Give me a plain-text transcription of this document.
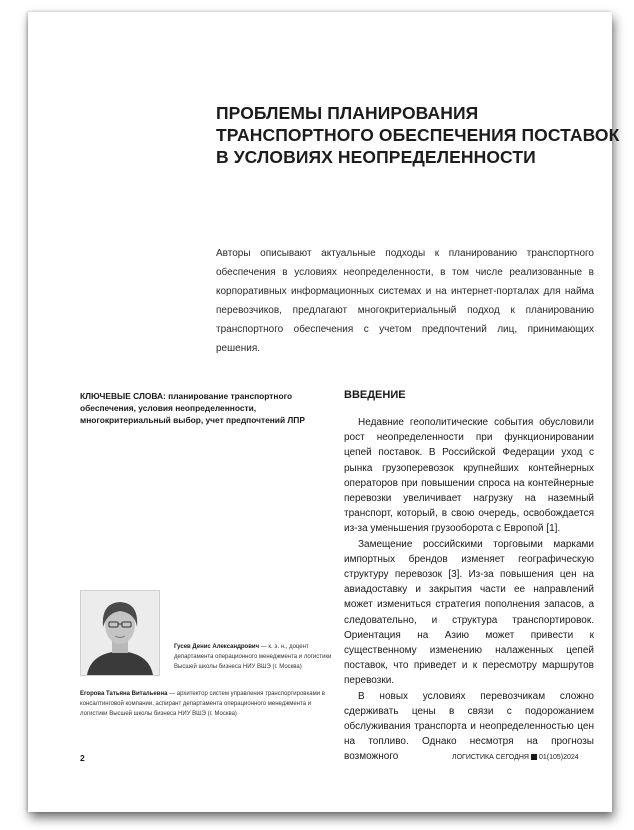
ПРОБЛЕМЫ ПЛАНИРОВАНИЯ
ТРАНСПОРТНОГО ОБЕСПЕЧЕНИЯ ПОСТАВОК
В УСЛОВИЯХ НЕОПРЕДЕЛЕННОСТИ
Авторы описывают актуальные подходы к планированию транспортного обеспечения в условиях неопределенности, в том числе реализованные в корпоративных информационных системах и на интернет-порталах для найма перевозчиков, предлагают многокритериальный подход к планированию транспортного обеспечения с учетом предпочтений лиц, принимающих решения.
КЛЮЧЕВЫЕ СЛОВА: планирование транспортного обеспечения, условия неопределенности, многокритериальный выбор, учет предпочтений ЛПР
ВВЕДЕНИЕ

Недавние геополитические события обусловили рост неопределенности при функционировании цепей поставок. В Российской Федерации уход с рынка грузоперевозок крупнейших контейнерных операторов при повышении спроса на контейнерные перевозки увеличивает нагрузку на наземный транспорт, который, в свою очередь, освобождается из-за уменьшения грузооборота с Европой [1].

Замещение российскими торговыми марками импортных брендов изменяет географическую структуру перевозок [3]. Из-за повышения цен на авиадоставку и закрытия части ее направлений может измениться стратегия пополнения запасов, а следовательно, и структура транспортировок. Ориентация на Азию может привести к существенному изменению налаженных цепей поставок, что приведет и к пересмотру маршрутов перевозки.

В новых условиях перевозчикам сложно сдерживать цены в связи с подорожанием обслуживания транспорта и неопределенностью цен на топливо. Однако несмотря на прогнозы возможного

Гусев Денис Александрович — к. э. н., доцент департамента операционного менеджмента и логистики Высшей школы бизнеса НИУ ВШЭ (г. Москва)
Егорова Татьяна Витальевна — архитектор систем управления транспортировками в консалтинговой компании, аспирант департамента операционного менеджмента и логистики Высшей школы бизнеса НИУ ВШЭ (г. Москва)
2	ЛОГИСТИКА СЕГОДНЯ 01(105)2024
